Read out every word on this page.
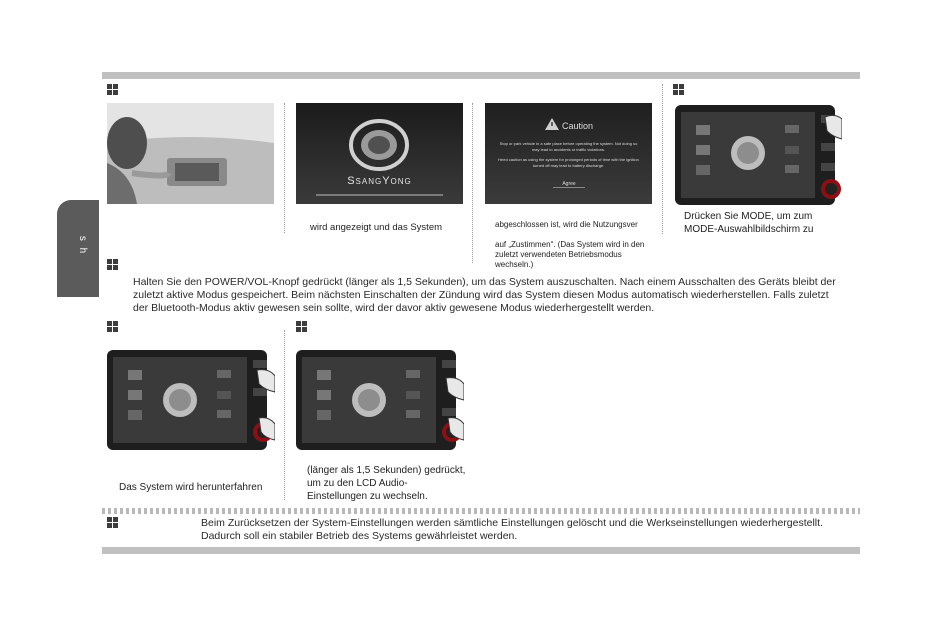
s h
SsangYong
Caution
Stop or park vehicle in a safe place before operating the system. Not doing so may lead to accidents or traffic violations.
Heed caution as using the system for prolonged periods of time with the ignition turned off may lead to battery discharge.
Agree
wird angezeigt und das System	abgeschlossen ist, wird die Nutzungsver
auf „Zustimmen“. (Das System wird in den zuletzt verwendeten Betriebsmodus wechseln.)
Drücken Sie MODE, um zum MODE-Auswahlbildschirm zu
Halten Sie den POWER/VOL-Knopf gedrückt (länger als 1,5 Sekunden), um das System auszuschalten. Nach einem Ausschalten des Geräts bleibt der zuletzt aktive Modus gespeichert. Beim nächsten Einschalten der Zündung wird das System diesen Modus automatisch wiederherstellen. Falls zuletzt der Bluetooth-Modus aktiv gewesen sein sollte, wird der davor aktiv gewesene Modus wiederhergestellt werden.
Das System wird herunterfahren
(länger als 1,5 Sekunden) gedrückt, um zu den LCD Audio-Einstellungen zu wechseln.
Beim Zurücksetzen der System-Einstellungen werden sämtliche Einstellungen gelöscht und die Werkseinstellungen wiederhergestellt. Dadurch soll ein stabiler Betrieb des Systems gewährleistet werden.
